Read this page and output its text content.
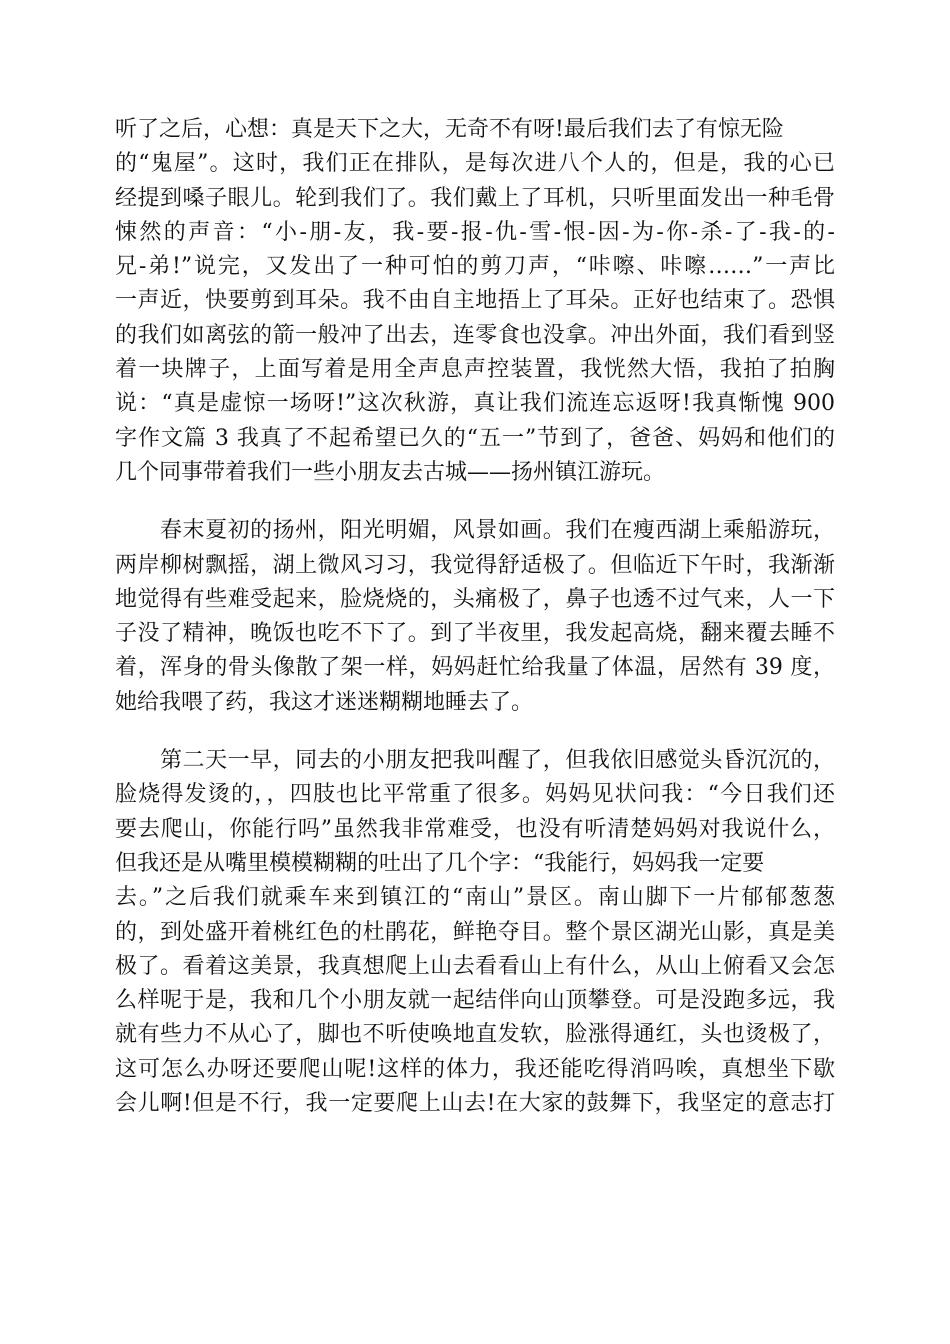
听了之后，心想：真是天下之大，无奇不有呀!最后我们去了有惊无险
的“鬼屋”。这时，我们正在排队，是每次进八个人的，但是，我的心已
经提到嗓子眼儿。轮到我们了。我们戴上了耳机，只听里面发出一种毛骨
悚然的声音：“小-朋-友，我-要-报-仇-雪-恨-因-为-你-杀-了-我-的-
兄-弟!”说完，又发出了一种可怕的剪刀声，“咔嚓、咔嚓……”一声比
一声近，快要剪到耳朵。我不由自主地捂上了耳朵。正好也结束了。恐惧
的我们如离弦的箭一般冲了出去，连零食也没拿。冲出外面，我们看到竖
着一块牌子，上面写着是用全声息声控装置，我恍然大悟，我拍了拍胸
说：“真是虚惊一场呀!”这次秋游，真让我们流连忘返呀!我真惭愧 900
字作文篇 3 我真了不起希望已久的“五一”节到了，爸爸、妈妈和他们的
几个同事带着我们一些小朋友去古城——扬州镇江游玩。
　　春末夏初的扬州，阳光明媚，风景如画。我们在瘦西湖上乘船游玩，
两岸柳树飘摇，湖上微风习习，我觉得舒适极了。但临近下午时，我渐渐
地觉得有些难受起来，脸烧烧的，头痛极了，鼻子也透不过气来，人一下
子没了精神，晚饭也吃不下了。到了半夜里，我发起高烧，翻来覆去睡不
着，浑身的骨头像散了架一样，妈妈赶忙给我量了体温，居然有 39 度，
她给我喂了药，我这才迷迷糊糊地睡去了。
　　第二天一早，同去的小朋友把我叫醒了，但我依旧感觉头昏沉沉的，
脸烧得发烫的，，四肢也比平常重了很多。妈妈见状问我：“今日我们还
要去爬山，你能行吗”虽然我非常难受，也没有听清楚妈妈对我说什么，
但我还是从嘴里模模糊糊的吐出了几个字：“我能行，妈妈我一定要
去。”之后我们就乘车来到镇江的“南山”景区。南山脚下一片郁郁葱葱
的，到处盛开着桃红色的杜鹃花，鲜艳夺目。整个景区湖光山影，真是美
极了。看着这美景，我真想爬上山去看看山上有什么，从山上俯看又会怎
么样呢于是，我和几个小朋友就一起结伴向山顶攀登。可是没跑多远，我
就有些力不从心了，脚也不听使唤地直发软，脸涨得通红，头也烫极了，
这可怎么办呀还要爬山呢!这样的体力，我还能吃得消吗唉，真想坐下歇
会儿啊!但是不行，我一定要爬上山去!在大家的鼓舞下，我坚定的意志打
